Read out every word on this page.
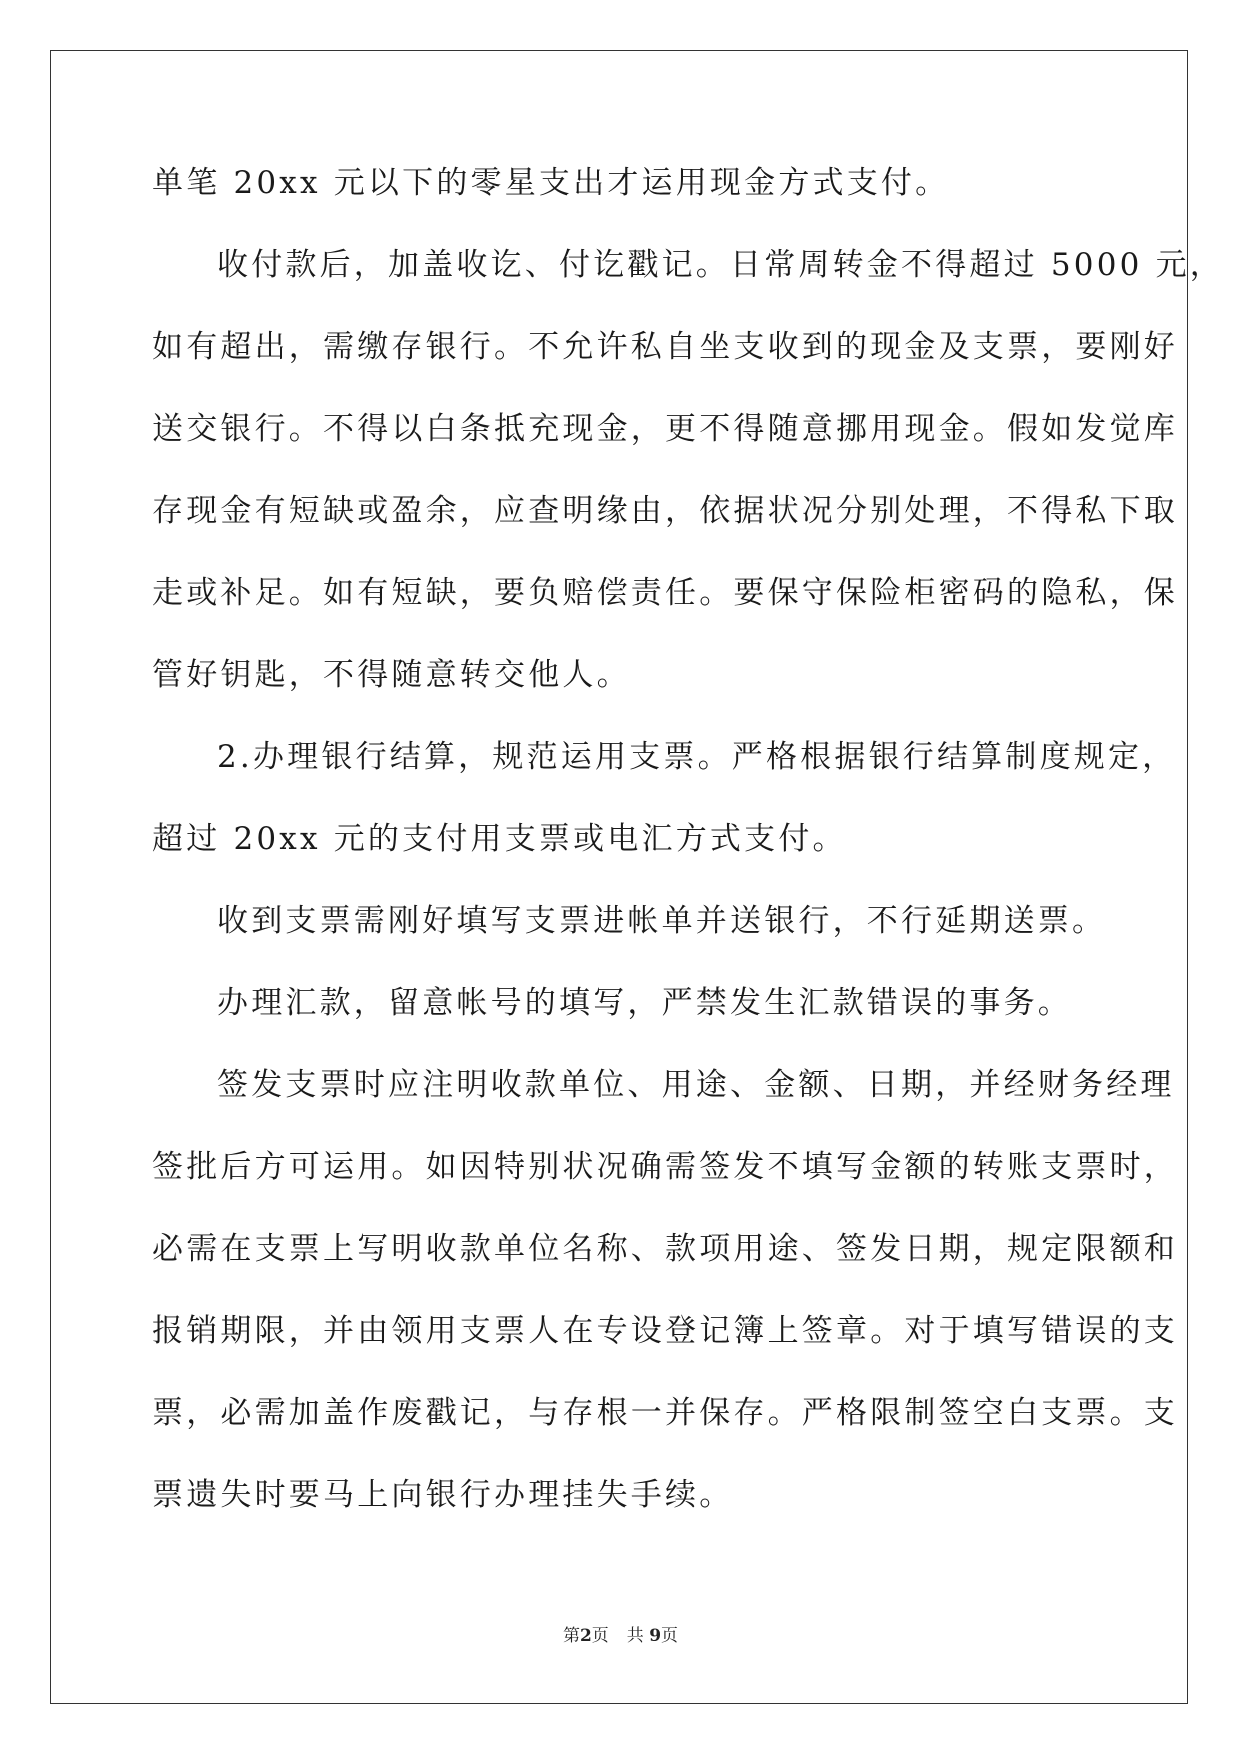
单笔 20xx 元以下的零星支出才运用现金方式支付。
收付款后，加盖收讫、付讫戳记。日常周转金不得超过 5000 元，
如有超出，需缴存银行。不允许私自坐支收到的现金及支票，要刚好
送交银行。不得以白条抵充现金，更不得随意挪用现金。假如发觉库
存现金有短缺或盈余，应查明缘由，依据状况分别处理，不得私下取
走或补足。如有短缺，要负赔偿责任。要保守保险柜密码的隐私，保
管好钥匙，不得随意转交他人。
2.办理银行结算，规范运用支票。严格根据银行结算制度规定，
超过 20xx 元的支付用支票或电汇方式支付。
收到支票需刚好填写支票进帐单并送银行，不行延期送票。
办理汇款，留意帐号的填写，严禁发生汇款错误的事务。
签发支票时应注明收款单位、用途、金额、日期，并经财务经理
签批后方可运用。如因特别状况确需签发不填写金额的转账支票时，
必需在支票上写明收款单位名称、款项用途、签发日期，规定限额和
报销期限，并由领用支票人在专设登记簿上签章。对于填写错误的支
票，必需加盖作废戳记，与存根一并保存。严格限制签空白支票。支
票遗失时要马上向银行办理挂失手续。
第2页 共 9页
